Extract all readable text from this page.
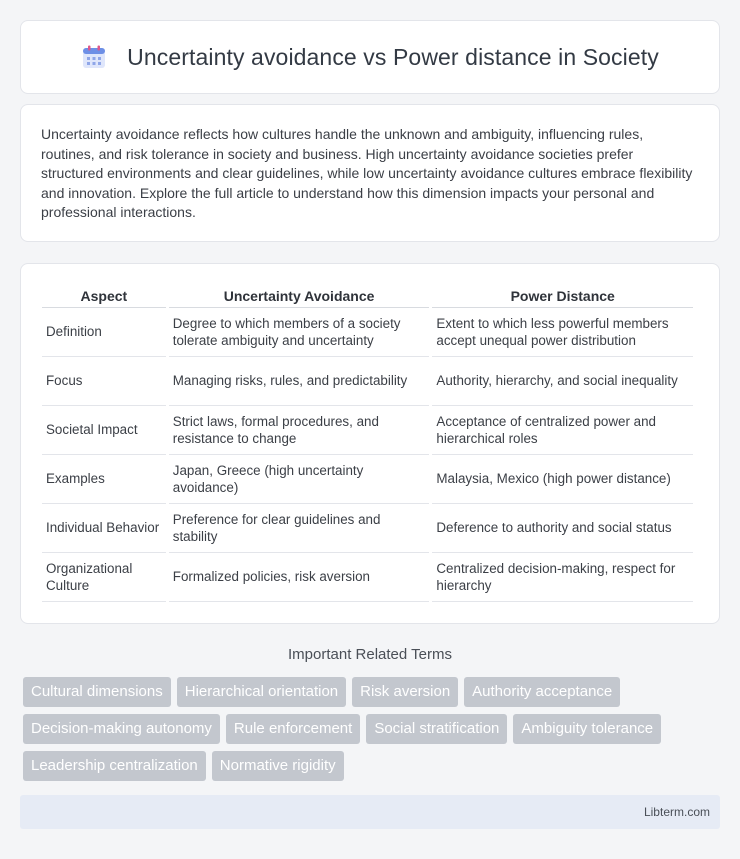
Uncertainty avoidance vs Power distance in Society

Uncertainty avoidance reflects how cultures handle the unknown and ambiguity, influencing rules, routines, and risk tolerance in society and business. High uncertainty avoidance societies prefer structured environments and clear guidelines, while low uncertainty avoidance cultures embrace flexibility and innovation. Explore the full article to understand how this dimension impacts your personal and professional interactions.

Aspect	Uncertainty Avoidance	Power Distance
Definition	Degree to which members of a society tolerate ambiguity and uncertainty	Extent to which less powerful members accept unequal power distribution
Focus	Managing risks, rules, and predictability	Authority, hierarchy, and social inequality
Societal Impact	Strict laws, formal procedures, and resistance to change	Acceptance of centralized power and hierarchical roles
Examples	Japan, Greece (high uncertainty avoidance)	Malaysia, Mexico (high power distance)
Individual Behavior	Preference for clear guidelines and stability	Deference to authority and social status
Organizational Culture	Formalized policies, risk aversion	Centralized decision-making, respect for hierarchy
Important Related Terms
Cultural dimensions	Hierarchical orientation	Risk aversion	Authority acceptance
Decision-making autonomy	Rule enforcement	Social stratification	Ambiguity tolerance
Leadership centralization	Normative rigidity
Libterm.com
